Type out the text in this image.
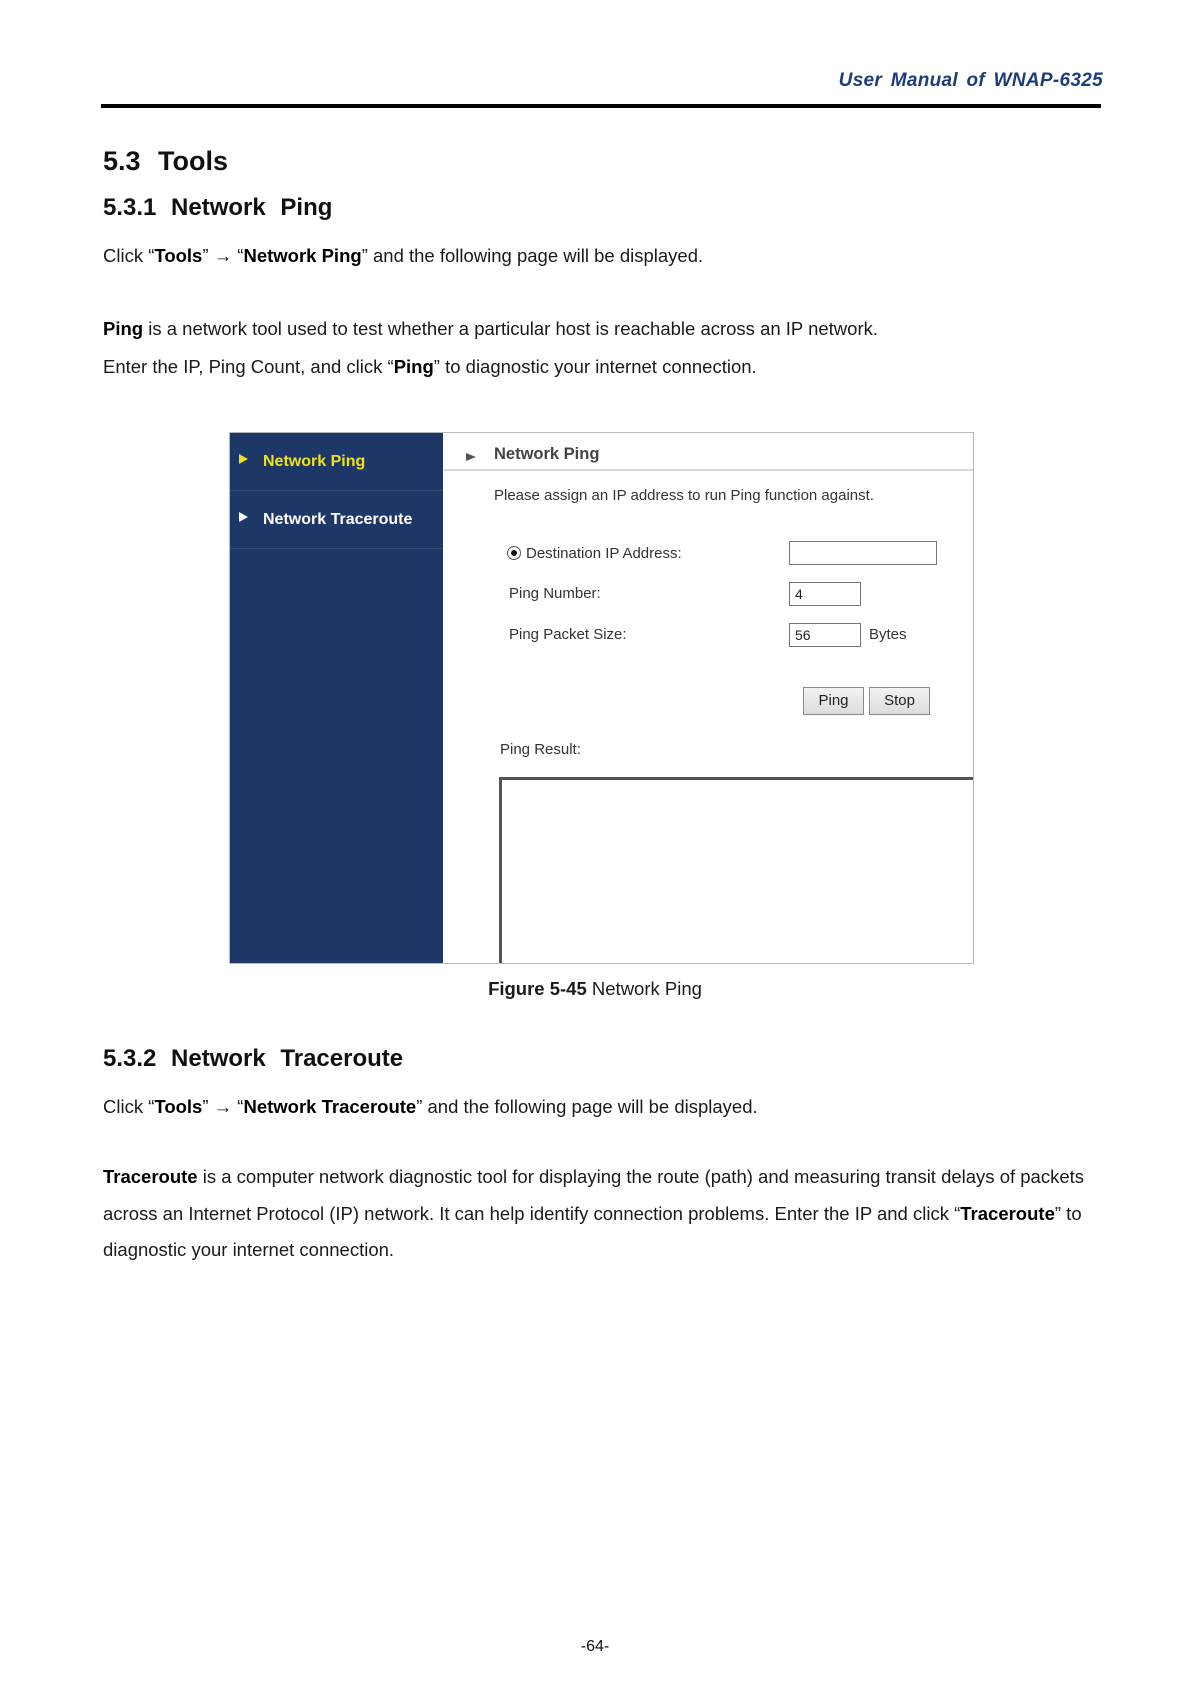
User Manual of WNAP-6325
5.3 Tools
5.3.1 Network Ping
Click “Tools” → “Network Ping” and the following page will be displayed.
Ping is a network tool used to test whether a particular host is reachable across an IP network.
Enter the IP, Ping Count, and click “Ping” to diagnostic your internet connection.
Network Ping
Network Traceroute
Network Ping
Please assign an IP address to run Ping function against.
Destination IP Address:
Ping Number:	4
Ping Packet Size:	56	Bytes
Ping	Stop
Ping Result:
Figure 5-45 Network Ping
5.3.2 Network Traceroute
Click “Tools” → “Network Traceroute” and the following page will be displayed.
Traceroute is a computer network diagnostic tool for displaying the route (path) and measuring transit delays of packets across an Internet Protocol (IP) network. It can help identify connection problems. Enter the IP and click “Traceroute” to diagnostic your internet connection.
-64-
